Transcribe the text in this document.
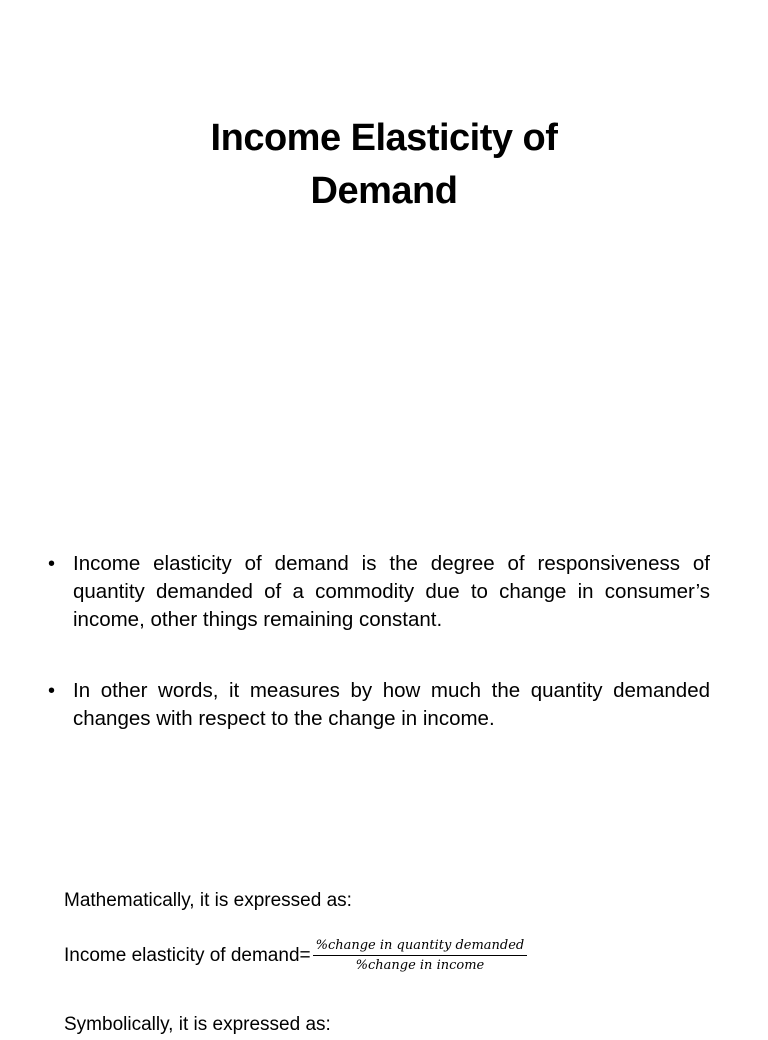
Income Elasticity of
Demand
• Income elasticity of demand is the degree of responsiveness of quantity demanded of a commodity due to change in consumer’s income, other things remaining constant.
• In other words, it measures by how much the quantity demanded changes with respect to the change in income.
Mathematically, it is expressed as:
Income elasticity of demand= $\frac{\text{\%change in quantity demanded}}{\text{\%change in income}}$
Symbolically, it is expressed as:
